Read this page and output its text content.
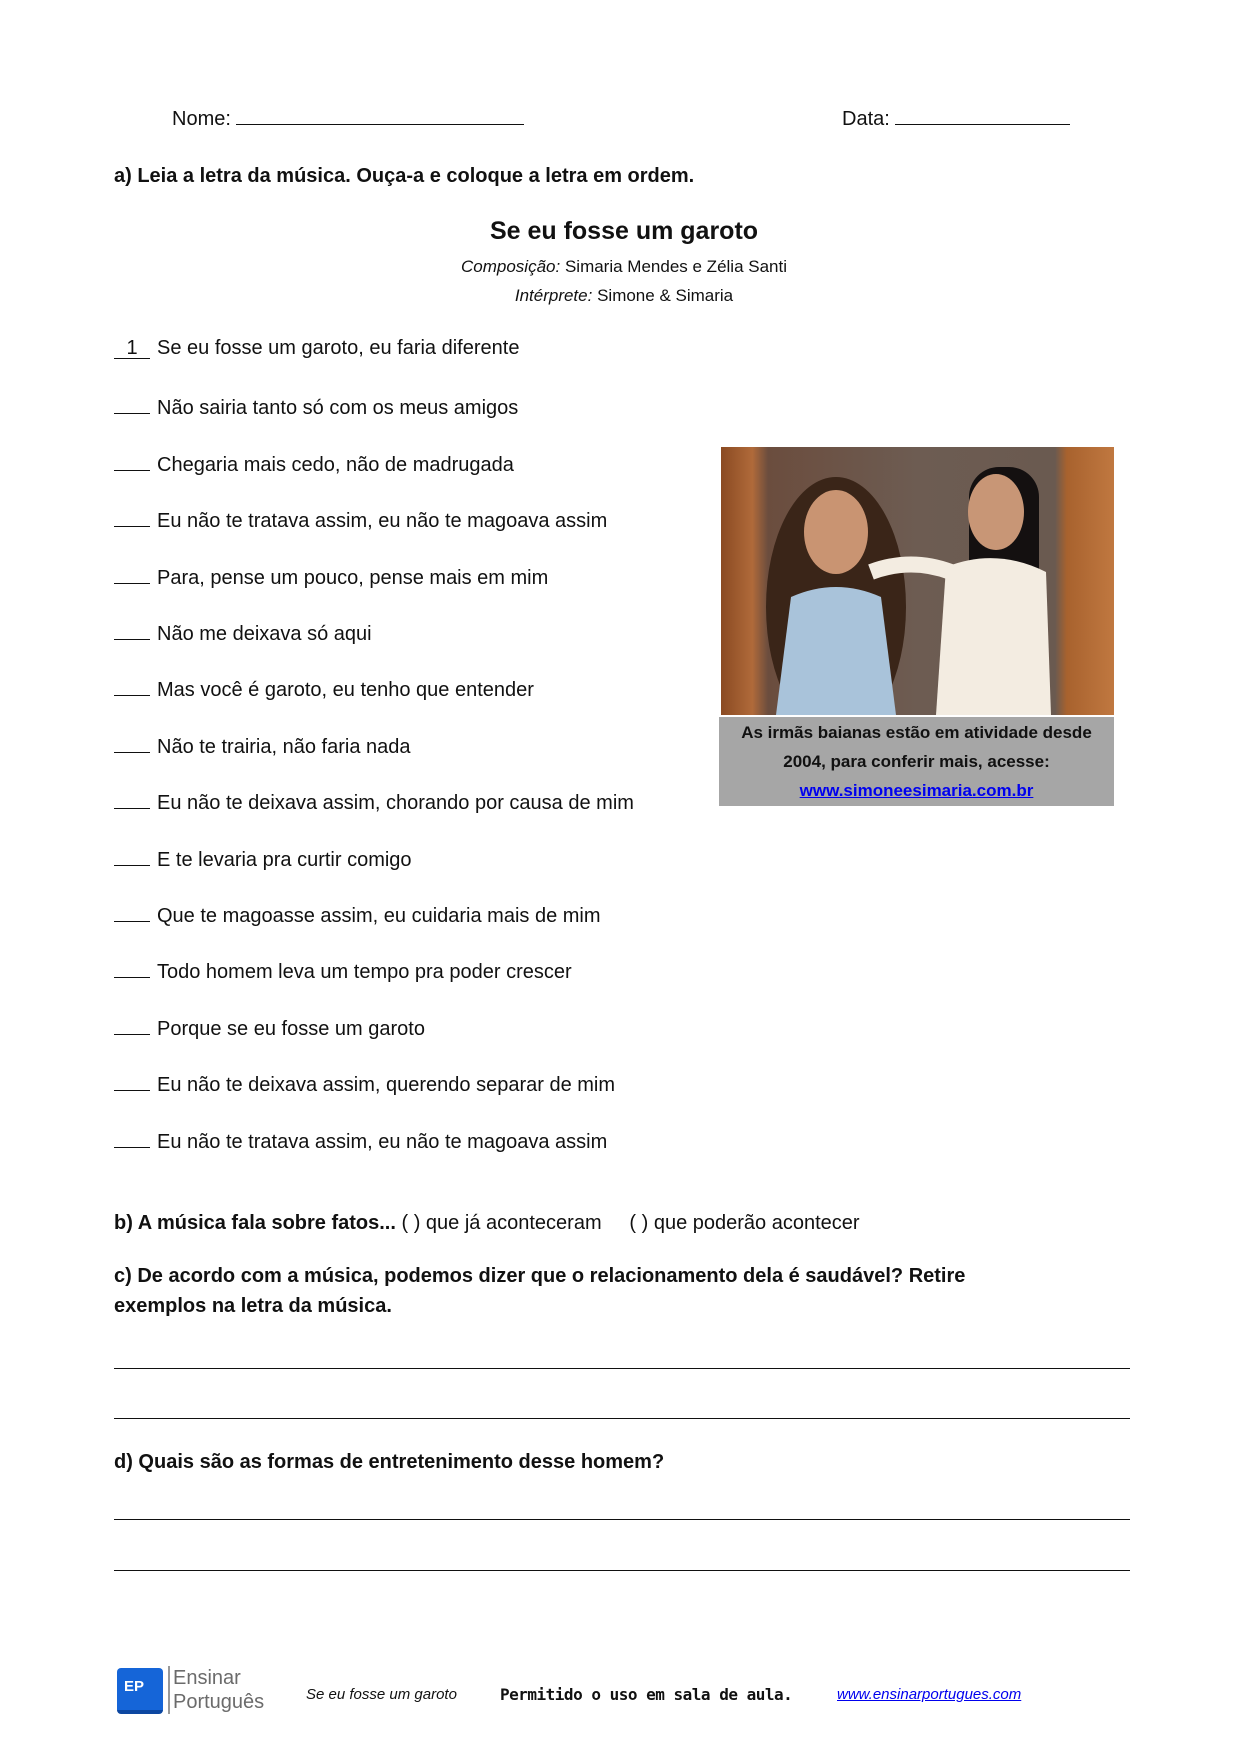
Nome:	Data:
a) Leia a letra da música. Ouça-a e coloque a letra em ordem.
Se eu fosse um garoto
Composição: Simaria Mendes e Zélia Santi
Intérprete: Simone & Simaria
1 Se eu fosse um garoto, eu faria diferente
Não sairia tanto só com os meus amigos
Chegaria mais cedo, não de madrugada
Eu não te tratava assim, eu não te magoava assim
Para, pense um pouco, pense mais em mim
Não me deixava só aqui
Mas você é garoto, eu tenho que entender
Não te trairia, não faria nada
Eu não te deixava assim, chorando por causa de mim
E te levaria pra curtir comigo
Que te magoasse assim, eu cuidaria mais de mim
Todo homem leva um tempo pra poder crescer
Porque se eu fosse um garoto
Eu não te deixava assim, querendo separar de mim
Eu não te tratava assim, eu não te magoava assim
As irmãs baianas estão em atividade desde
2004, para conferir mais, acesse:
www.simoneesimaria.com.br
b) A música fala sobre fatos... ( ) que já aconteceram ( ) que poderão acontecer
c) De acordo com a música, podemos dizer que o relacionamento dela é saudável? Retire
exemplos na letra da música.
d) Quais são as formas de entretenimento desse homem?
EP	Ensinar
Português	Se eu fosse um garoto	Permitido o uso em sala de aula.	www.ensinarportugues.com
